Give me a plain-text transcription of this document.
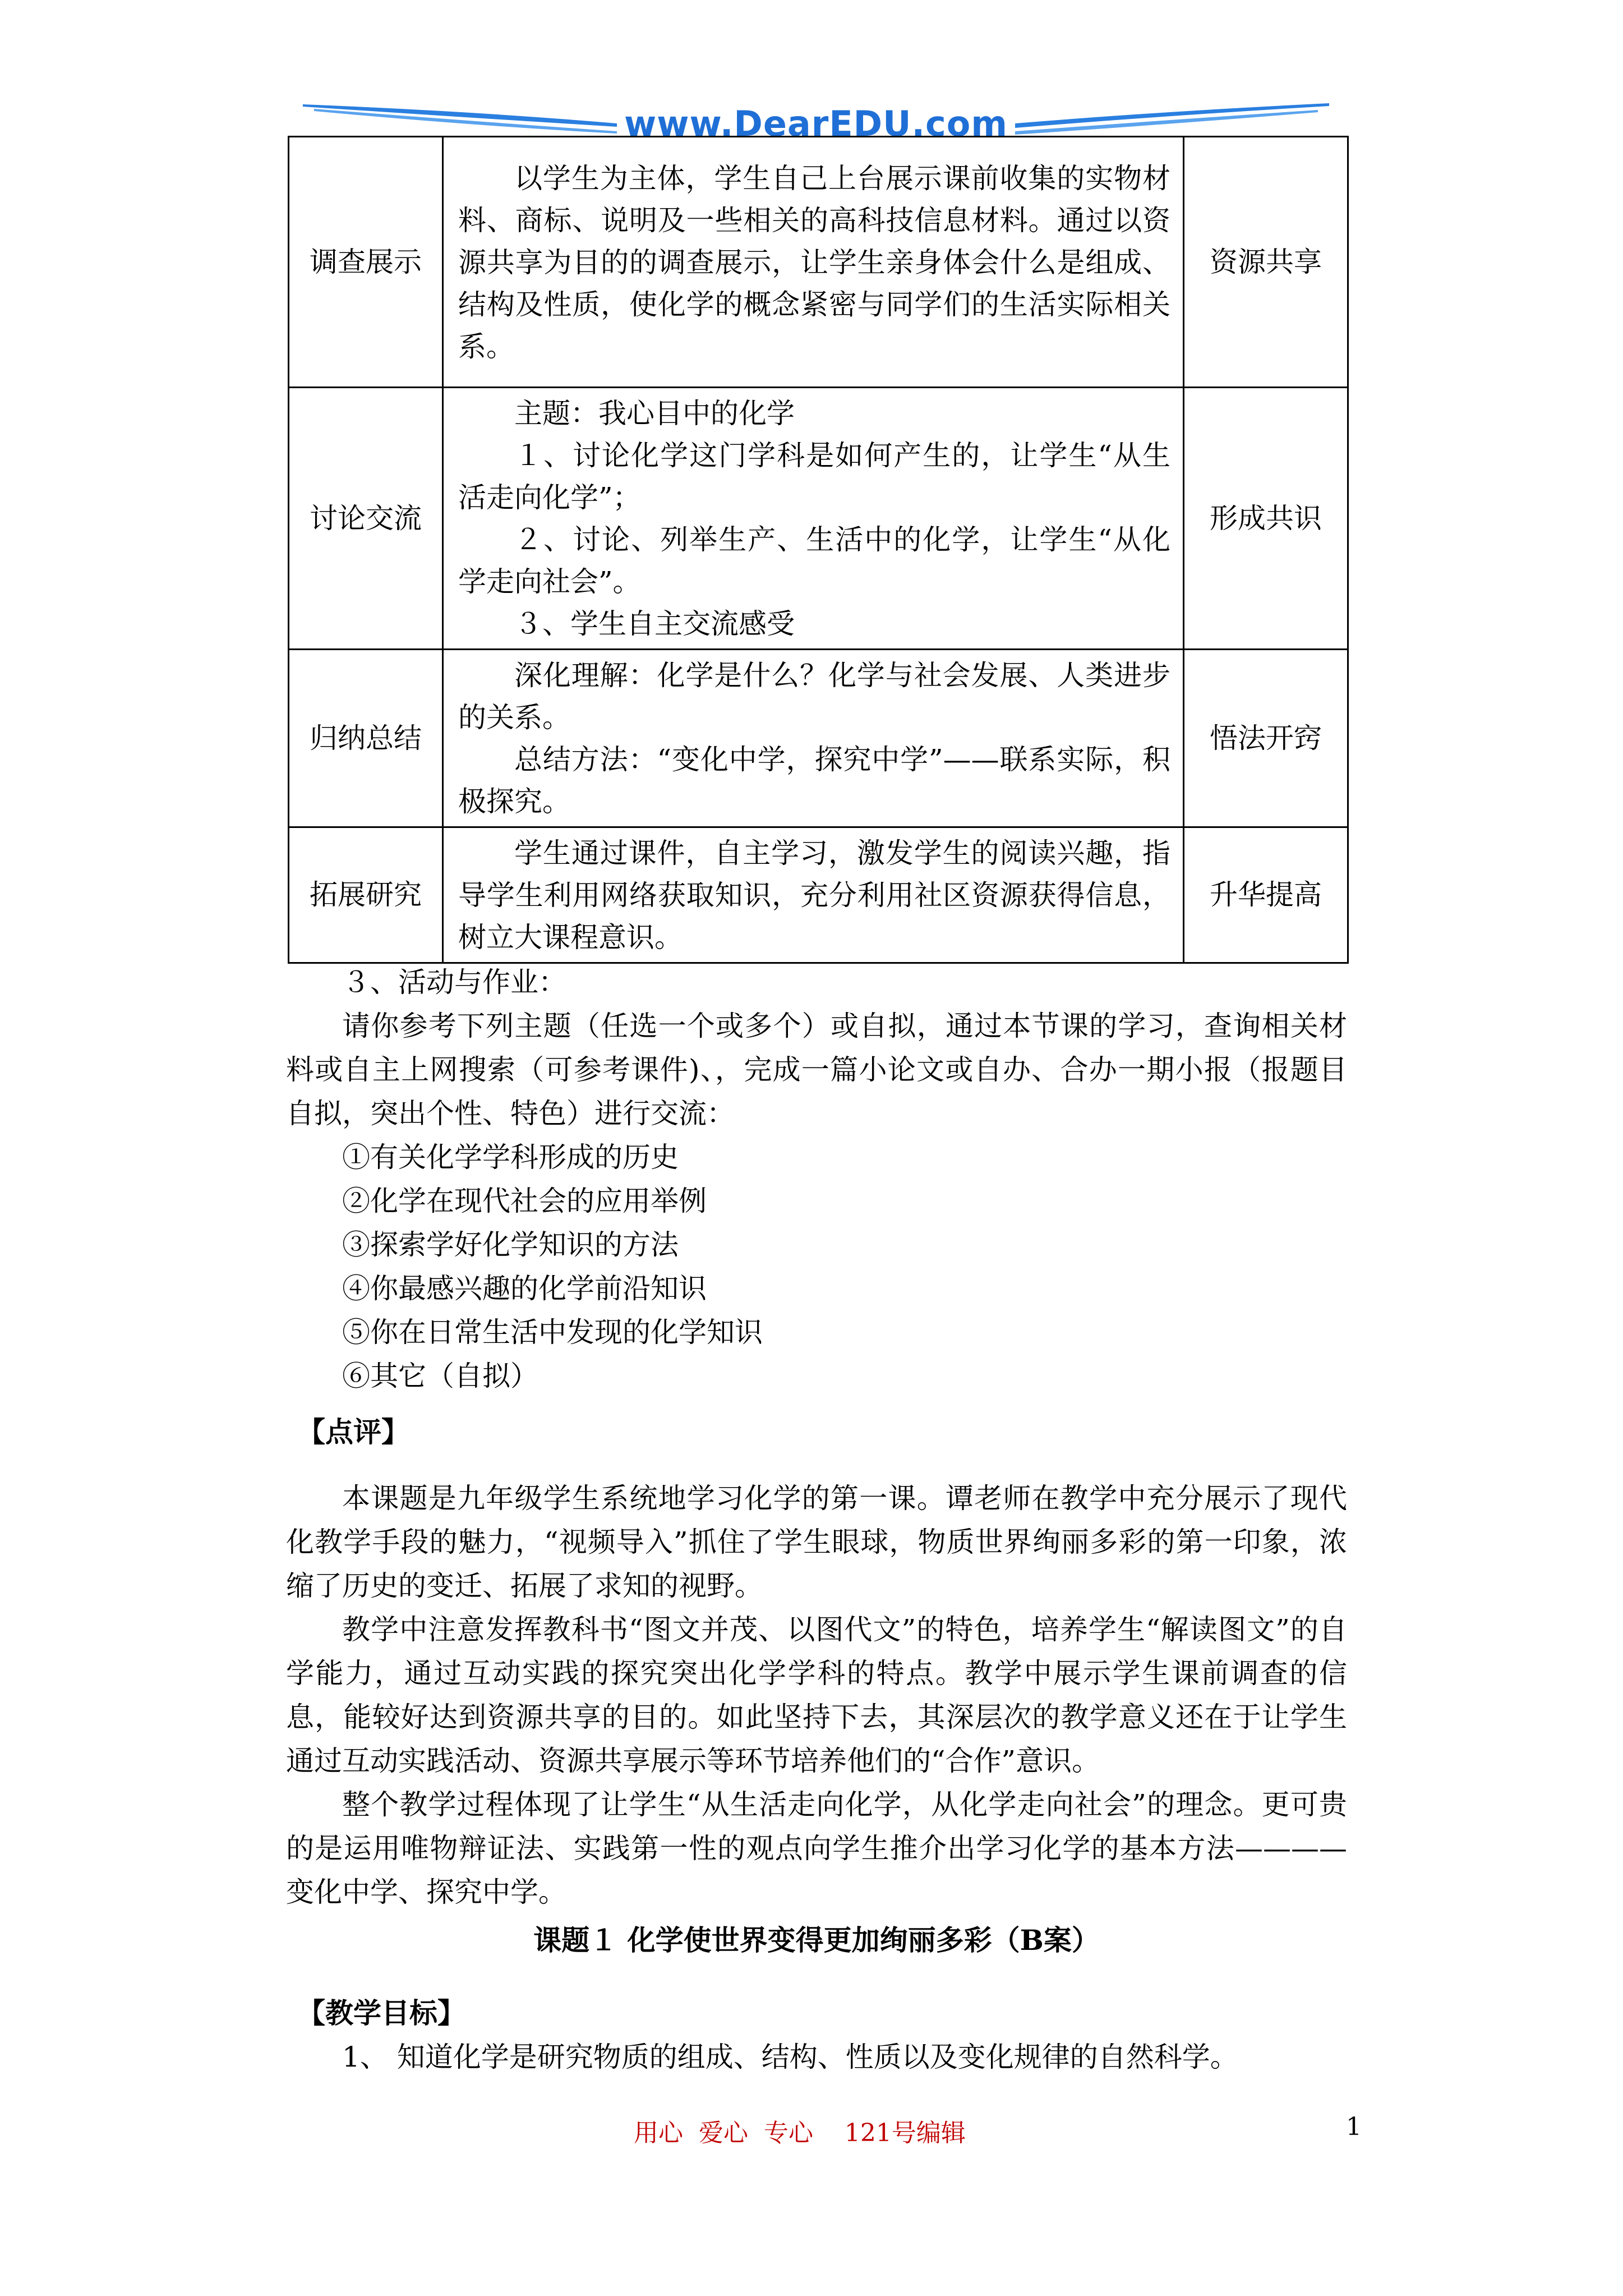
www.DearEDU.com
调查展示	以学生为主体，学生自己上台展示课前收集的实物材料、商标、说明及一些相关的高科技信息材料。通过以资源共享为目的的调查展示，让学生亲身体会什么是组成、结构及性质，使化学的概念紧密与同学们的生活实际相关系。	资源共享
讨论交流	主题：我心目中的化学

１、讨论化学这门学科是如何产生的，让学生“从生活走向化学”；

２、讨论、列举生产、生活中的化学，让学生“从化学走向社会”。

３、学生自主交流感受	形成共识
归纳总结	深化理解：化学是什么？化学与社会发展、人类进步的关系。

总结方法：“变化中学，探究中学”——联系实际，积极探究。	悟法开窍
拓展研究	学生通过课件，自主学习，激发学生的阅读兴趣，指导学生利用网络获取知识，充分利用社区资源获得信息，树立大课程意识。	升华提高

３、活动与作业：

请你参考下列主题（任选一个或多个）或自拟，通过本节课的学习，查询相关材料或自主上网搜索（可参考课件)、，完成一篇小论文或自办、合办一期小报（报题目自拟，突出个性、特色）进行交流：

①有关化学学科形成的历史

②化学在现代社会的应用举例

③探索学好化学知识的方法

④你最感兴趣的化学前沿知识

⑤你在日常生活中发现的化学知识

⑥其它（自拟）

【点评】

本课题是九年级学生系统地学习化学的第一课。谭老师在教学中充分展示了现代化教学手段的魅力，“视频导入”抓住了学生眼球，物质世界绚丽多彩的第一印象，浓缩了历史的变迁、拓展了求知的视野。

教学中注意发挥教科书“图文并茂、以图代文”的特色，培养学生“解读图文”的自学能力，通过互动实践的探究突出化学学科的特点。教学中展示学生课前调查的信息，能较好达到资源共享的目的。如此坚持下去，其深层次的教学意义还在于让学生通过互动实践活动、资源共享展示等环节培养他们的“合作”意识。

整个教学过程体现了让学生“从生活走向化学，从化学走向社会”的理念。更可贵的是运用唯物辩证法、实践第一性的观点向学生推介出学习化学的基本方法————变化中学、探究中学。

课题１ 化学使世界变得更加绚丽多彩（B案）

【教学目标】

1、 知道化学是研究物质的组成、结构、性质以及变化规律的自然科学。

用心  爱心  专心    121号编辑	1
